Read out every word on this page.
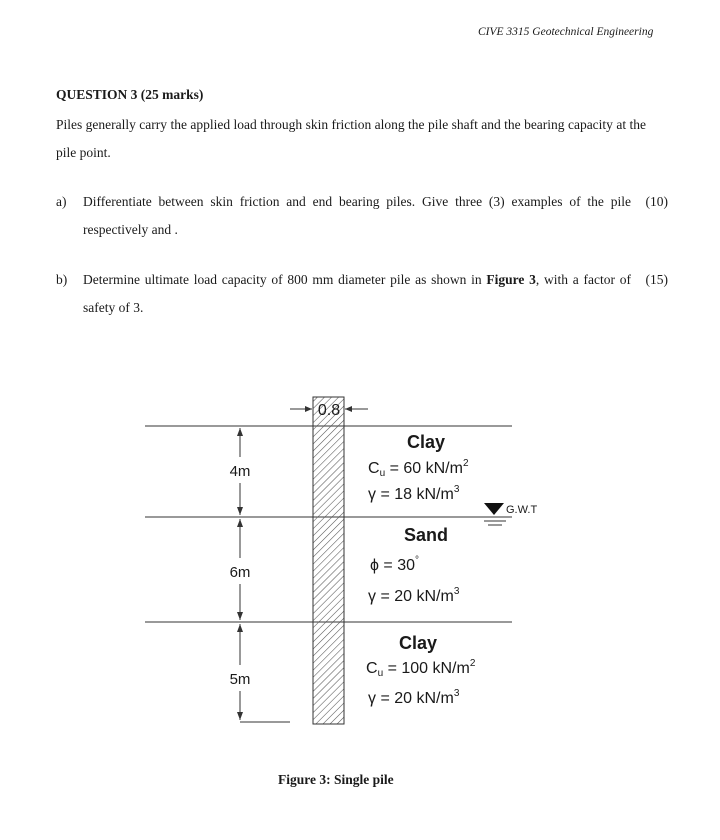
CIVE 3315 Geotechnical Engineering
QUESTION 3 (25 marks)
Piles generally carry the applied load through skin friction along the pile shaft and the bearing capacity at the pile point.
a) Differentiate between skin friction and end bearing piles. Give three (3) examples of the pile respectively and .
(10)
b) Determine ultimate load capacity of 800 mm diameter pile as shown in Figure 3, with a factor of safety of 3.
(15)
0.8
4m
6m
5m
Clay
Cu = 60 $kN/m^2$
γ = 18 $kN/m^3$
G.W.T
Sand
ϕ = 30°
γ = 20 $kN/m^3$
Clay
Cu = 100 $kN/m^2$
γ = 20 $kN/m^3$
Figure 3: Single pile
